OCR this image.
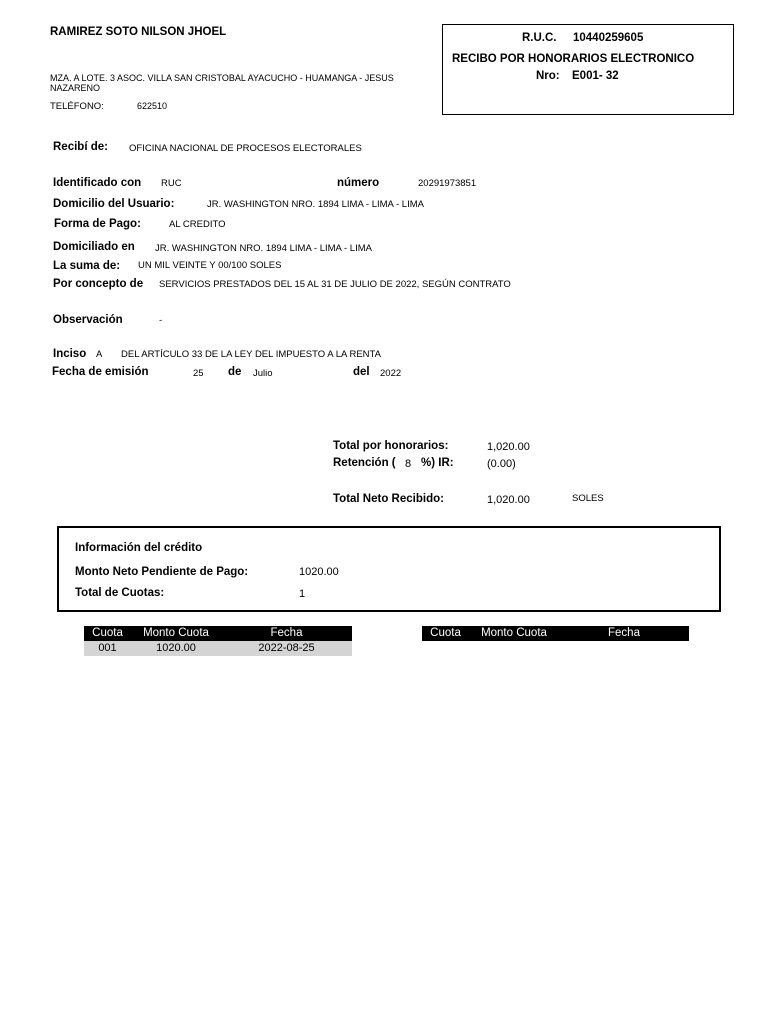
RAMIREZ SOTO NILSON JHOEL
MZA. A LOTE. 3 ASOC. VILLA SAN CRISTOBAL AYACUCHO - HUAMANGA - JESUS NAZARENO
TELÉFONO:	622510
R.U.C. 10440259605
RECIBO POR HONORARIOS ELECTRONICO
Nro: E001- 32
Recibí de: OFICINA NACIONAL DE PROCESOS ELECTORALES
Identificado con RUC	número	20291973851
Domicilio del Usuario:	JR. WASHINGTON NRO. 1894 LIMA - LIMA - LIMA
Forma de Pago:	AL CREDITO
Domiciliado en JR. WASHINGTON NRO. 1894 LIMA - LIMA - LIMA
La suma de: UN MIL VEINTE Y 00/100 SOLES
Por concepto de SERVICIOS PRESTADOS DEL 15 AL 31 DE JULIO DE 2022, SEGÚN CONTRATO
Observación	-
Inciso A DEL ARTÍCULO 33 DE LA LEY DEL IMPUESTO A LA RENTA
Fecha de emisión	25 de Julio	del 2022
Total por honorarios:	1,020.00
Retención ( 8 %) IR:	(0.00)
Total Neto Recibido:	1,020.00	SOLES
Información del crédito
Monto Neto Pendiente de Pago:	1020.00
Total de Cuotas:	1
Cuota	Monto Cuota	Fecha
001	1020.00	2022-08-25
Cuota	Monto Cuota	Fecha
